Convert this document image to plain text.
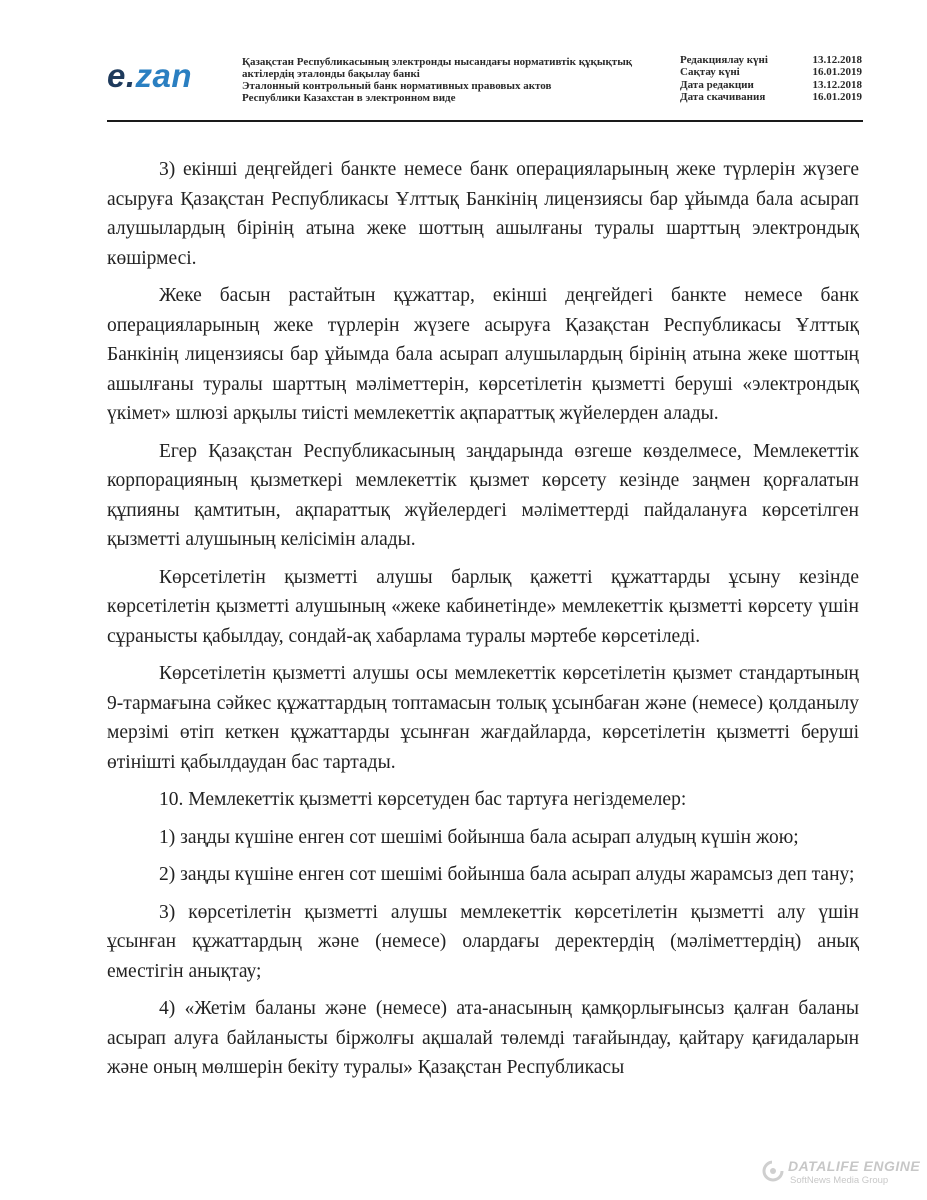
e.zan	Қазақстан Республикасының электронды нысандағы нормативтік құқықтық
актілердің эталонды бақылау банкі
Эталонный контрольный банк нормативных правовых актов
Республики Казахстан в электронном виде
Редакциялау күні	13.12.2018
Сақтау күні	16.01.2019
Дата редакции	13.12.2018
Дата скачивания	16.01.2019

3) екінші деңгейдегі банкте немесе банк операцияларының жеке түрлерін жүзеге асыруға Қазақстан Республикасы Ұлттық Банкінің лицензиясы бар ұйымда бала асырап алушылардың бірінің атына жеке шоттың ашылғаны туралы шарттың электрондық көшірмесі.

Жеке басын растайтын құжаттар, екінші деңгейдегі банкте немесе банк операцияларының жеке түрлерін жүзеге асыруға Қазақстан Республикасы Ұлттық Банкінің лицензиясы бар ұйымда бала асырап алушылардың бірінің атына жеке шоттың ашылғаны туралы шарттың мәліметтерін, көрсетілетін қызметті беруші «электрондық үкімет» шлюзі арқылы тиісті мемлекеттік ақпараттық жүйелерден алады.

Егер Қазақстан Республикасының заңдарында өзгеше көзделмесе, Мемлекеттік корпорацияның қызметкері мемлекеттік қызмет көрсету кезінде заңмен қорғалатын құпияны қамтитын, ақпараттық жүйелердегі мәліметтерді пайдалануға көрсетілген қызметті алушының келісімін алады.

Көрсетілетін қызметті алушы барлық қажетті құжаттарды ұсыну кезінде көрсетілетін қызметті алушының «жеке кабинетінде» мемлекеттік қызметті көрсету үшін сұранысты қабылдау, сондай-ақ хабарлама туралы мәртебе көрсетіледі.

Көрсетілетін қызметті алушы осы мемлекеттік көрсетілетін қызмет стандартының 9-тармағына сәйкес құжаттардың топтамасын толық ұсынбаған және (немесе) қолданылу мерзімі өтіп кеткен құжаттарды ұсынған жағдайларда, көрсетілетін қызметті беруші өтінішті қабылдаудан бас тартады.

10. Мемлекеттік қызметті көрсетуден бас тартуға негіздемелер:

1) заңды күшіне енген сот шешімі бойынша бала асырап алудың күшін жою;

2) заңды күшіне енген сот шешімі бойынша бала асырап алуды жарамсыз деп тану;

3) көрсетілетін қызметті алушы мемлекеттік көрсетілетін қызметті алу үшін ұсынған құжаттардың және (немесе) олардағы деректердің (мәліметтердің) анық еместігін анықтау;

4) «Жетім баланы және (немесе) ата-анасының қамқорлығынсыз қалған баланы асырап алуға байланысты біржолғы ақшалай төлемді тағайындау, қайтару қағидаларын және оның мөлшерін бекіту туралы» Қазақстан Республикасы

DATALIFE ENGINE
SoftNews Media Group
